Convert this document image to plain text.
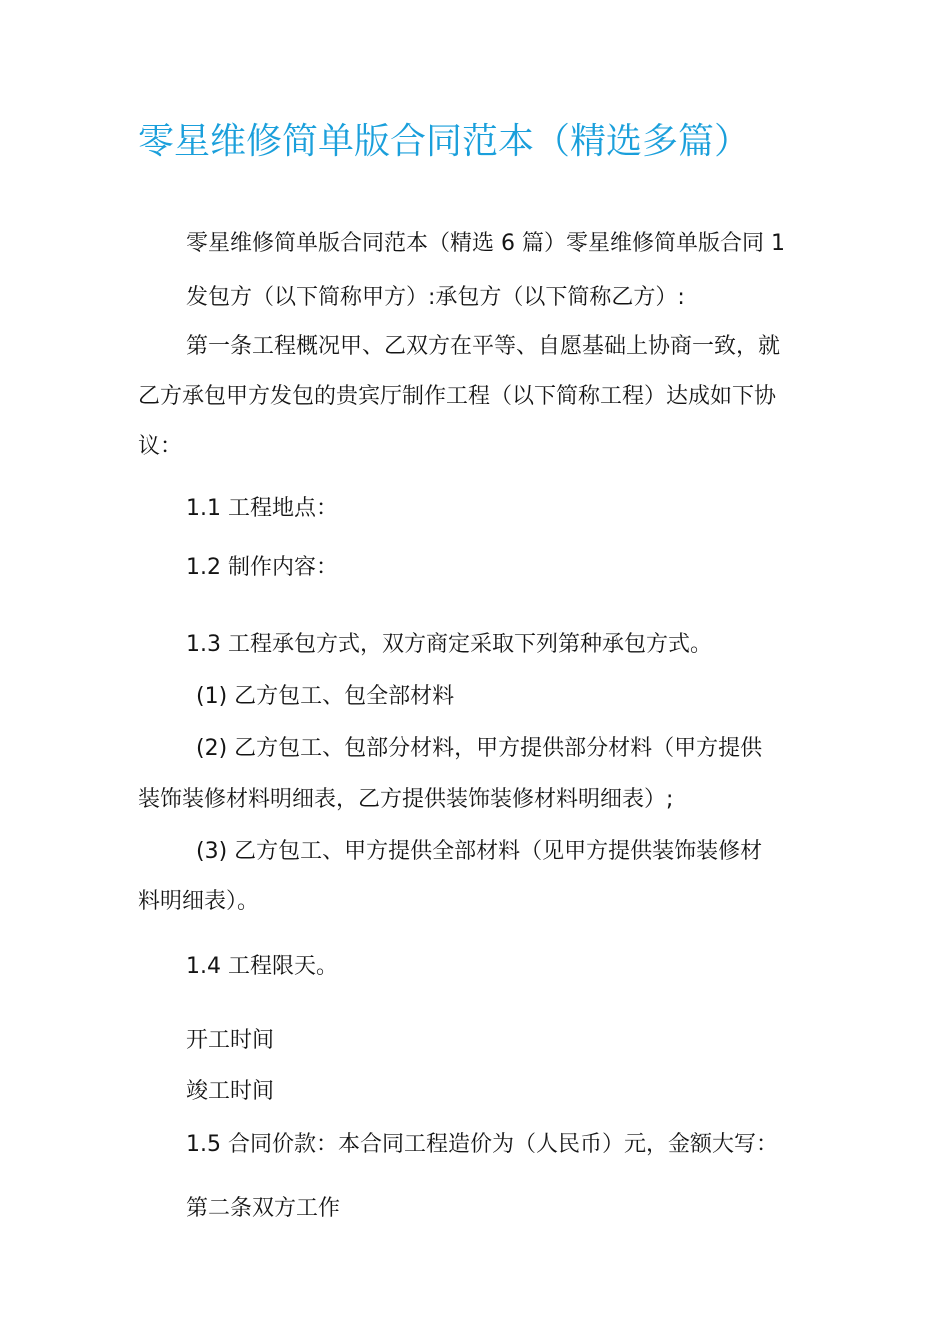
零星维修简单版合同范本（精选多篇）
零星维修简单版合同范本（精选 6 篇）零星维修简单版合同 1
发包方（以下简称甲方）:承包方（以下简称乙方）:
第一条工程概况甲、乙双方在平等、自愿基础上协商一致，就
乙方承包甲方发包的贵宾厅制作工程（以下简称工程）达成如下协
议：
1.1 工程地点：
1.2 制作内容：
1.3 工程承包方式，双方商定采取下列第种承包方式。
(1) 乙方包工、包全部材料
(2) 乙方包工、包部分材料，甲方提供部分材料（甲方提供
装饰装修材料明细表，乙方提供装饰装修材料明细表）;
(3) 乙方包工、甲方提供全部材料（见甲方提供装饰装修材
料明细表）。
1.4 工程限天。
开工时间
竣工时间
1.5 合同价款：本合同工程造价为（人民币）元，金额大写：
第二条双方工作
